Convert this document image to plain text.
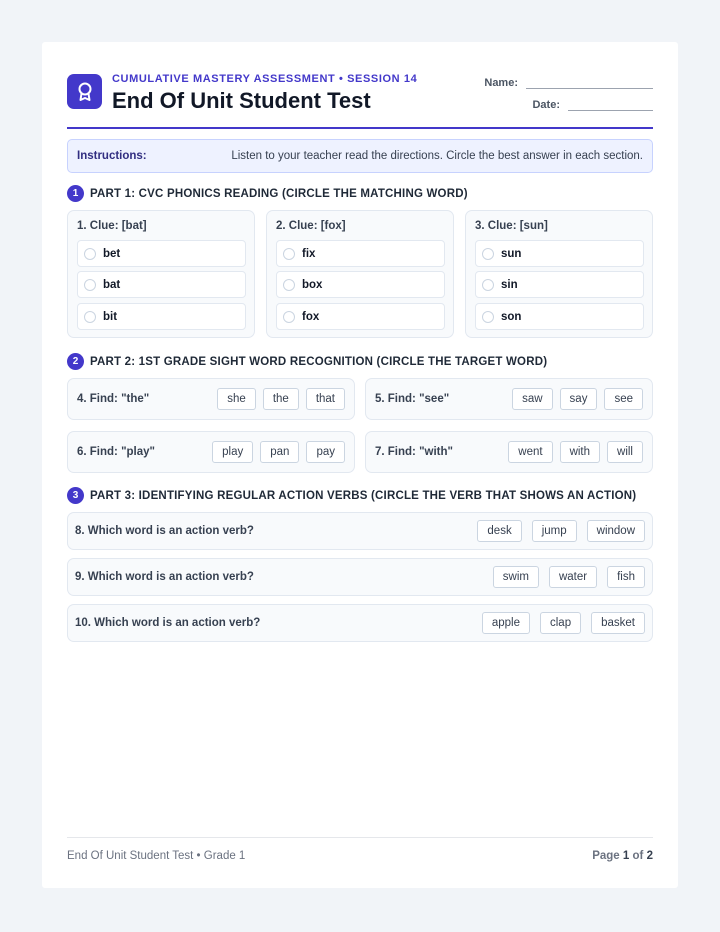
CUMULATIVE MASTERY ASSESSMENT • SESSION 14
End Of Unit Student Test
Name:
Date:
Instructions:	Listen to your teacher read the directions. Circle the best answer in each section.
1	PART 1: CVC PHONICS READING (CIRCLE THE MATCHING WORD)
1. Clue: [bat]
bet
bat
bit
2. Clue: [fox]
fix
box
fox
3. Clue: [sun]
sun
sin
son
2	PART 2: 1ST GRADE SIGHT WORD RECOGNITION (CIRCLE THE TARGET WORD)
4. Find: "the"	she	the	that	5. Find: "see"	saw	say	see
6. Find: "play"	play	pan	pay	7. Find: "with"	went	with	will
3	PART 3: IDENTIFYING REGULAR ACTION VERBS (CIRCLE THE VERB THAT SHOWS AN ACTION)
8. Which word is an action verb?	desk	jump	window
9. Which word is an action verb?	swim	water	fish
10. Which word is an action verb?	apple	clap	basket
End Of Unit Student Test • Grade 1	Page 1 of 2
